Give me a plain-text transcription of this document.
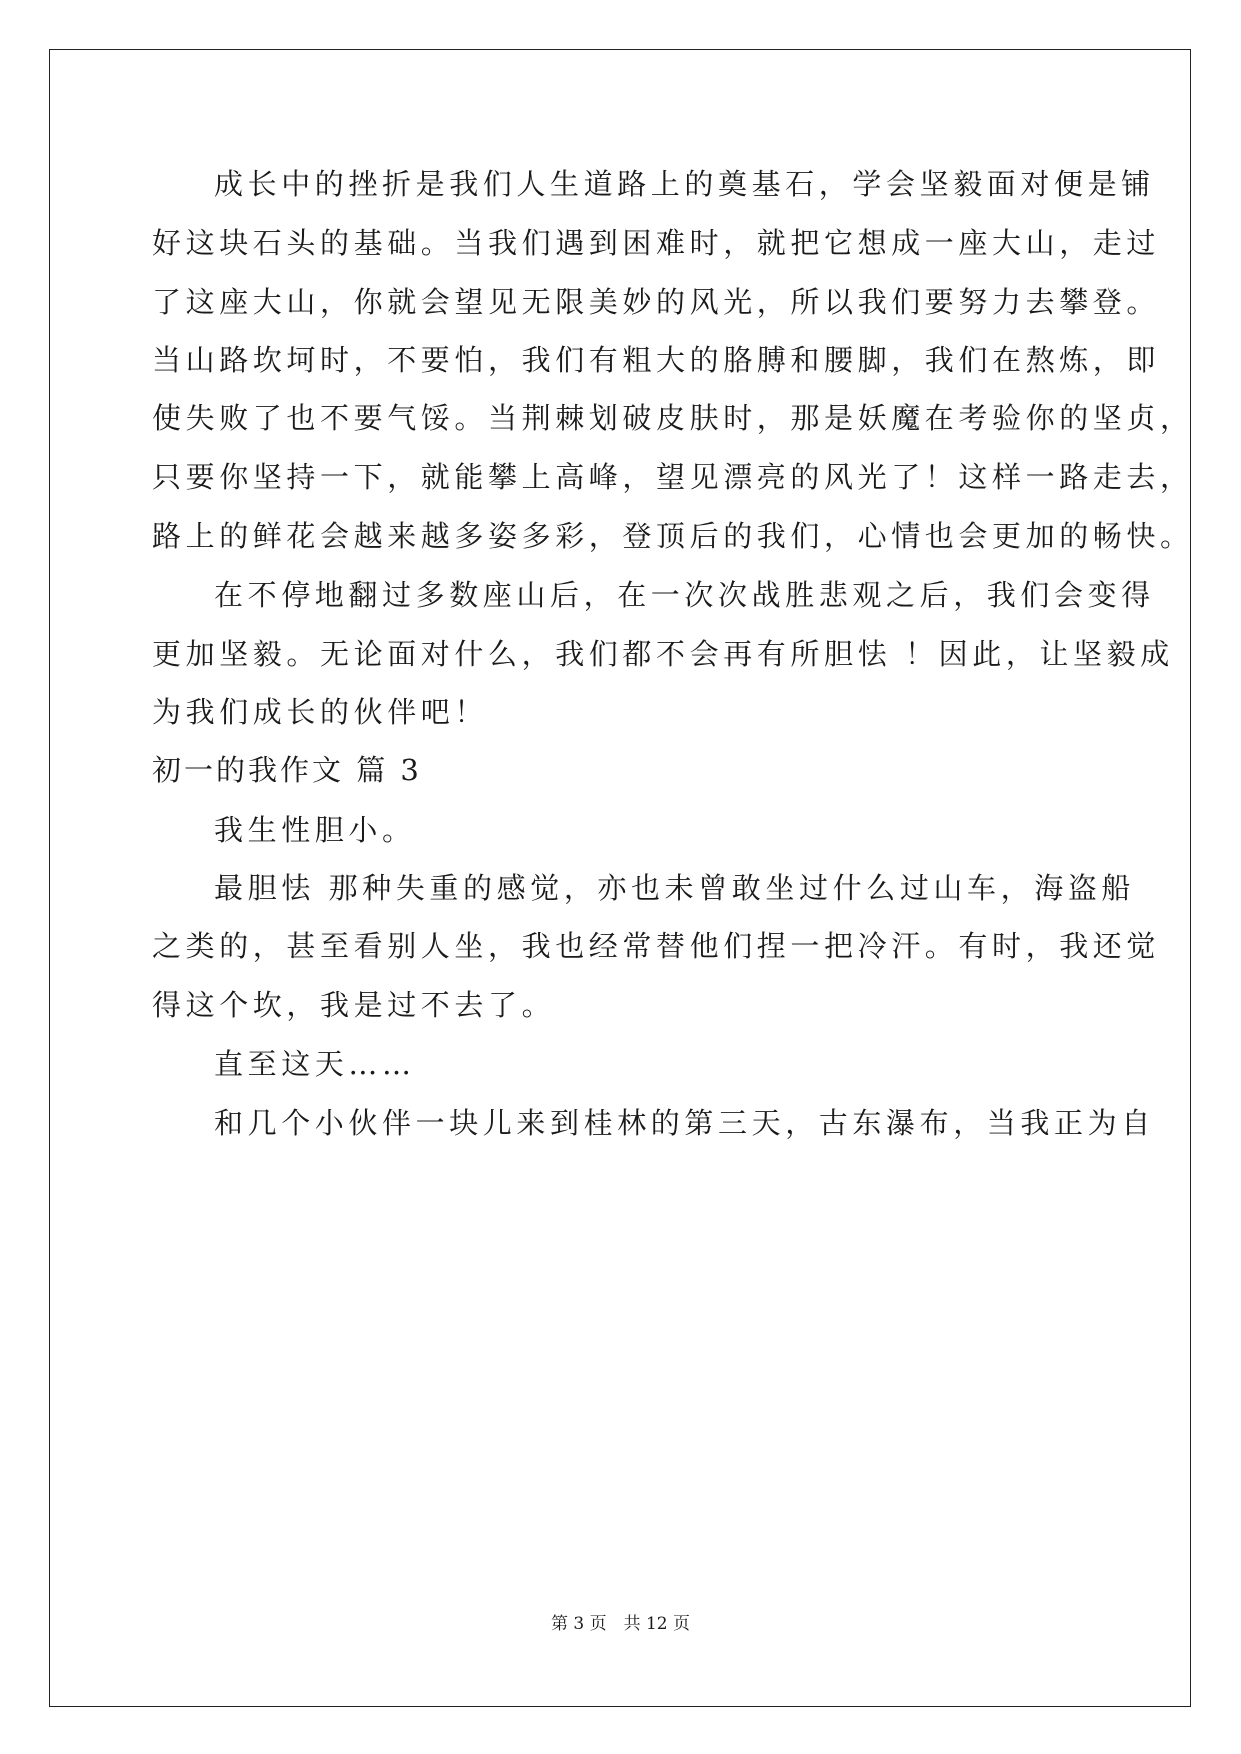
成长中的挫折是我们人生道路上的奠基石，学会坚毅面对便是铺

好这块石头的基础。当我们遇到困难时，就把它想成一座大山，走过

了这座大山，你就会望见无限美妙的风光，所以我们要努力去攀登。

当山路坎坷时，不要怕，我们有粗大的胳膊和腰脚，我们在熬炼，即

使失败了也不要气馁。当荆棘划破皮肤时，那是妖魔在考验你的坚贞，

只要你坚持一下，就能攀上高峰，望见漂亮的风光了！这样一路走去，

路上的鲜花会越来越多姿多彩，登顶后的我们，心情也会更加的畅快。

在不停地翻过多数座山后，在一次次战胜悲观之后，我们会变得

更加坚毅。无论面对什么，我们都不会再有所胆怯 ！因此，让坚毅成

为我们成长的伙伴吧！

初一的我作文 篇 3

我生性胆小。

最胆怯 那种失重的感觉，亦也未曾敢坐过什么过山车，海盗船

之类的，甚至看别人坐，我也经常替他们捏一把冷汗。有时，我还觉

得这个坎，我是过不去了。

直至这天……

和几个小伙伴一块儿来到桂林的第三天，古东瀑布，当我正为自

第 3 页　共 12 页
